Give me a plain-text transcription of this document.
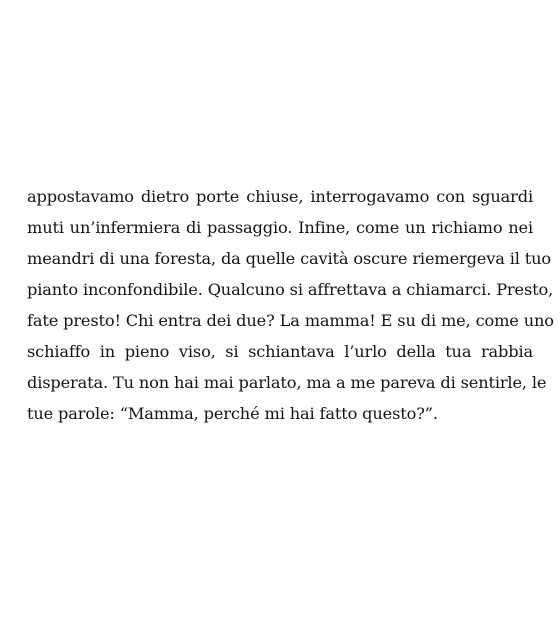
appostavamo dietro porte chiuse, interrogavamo con sguardi
muti un’infermiera di passaggio. Infine, come un richiamo nei
meandri di una foresta, da quelle cavità oscure riemergeva il tuo
pianto inconfondibile. Qualcuno si affrettava a chiamarci. Presto,
fate presto! Chi entra dei due? La mamma! E su di me, come uno
schiaffo in pieno viso, si schiantava l’urlo della tua rabbia
disperata. Tu non hai mai parlato, ma a me pareva di sentirle, le
tue parole: “Mamma, perché mi hai fatto questo?”.
